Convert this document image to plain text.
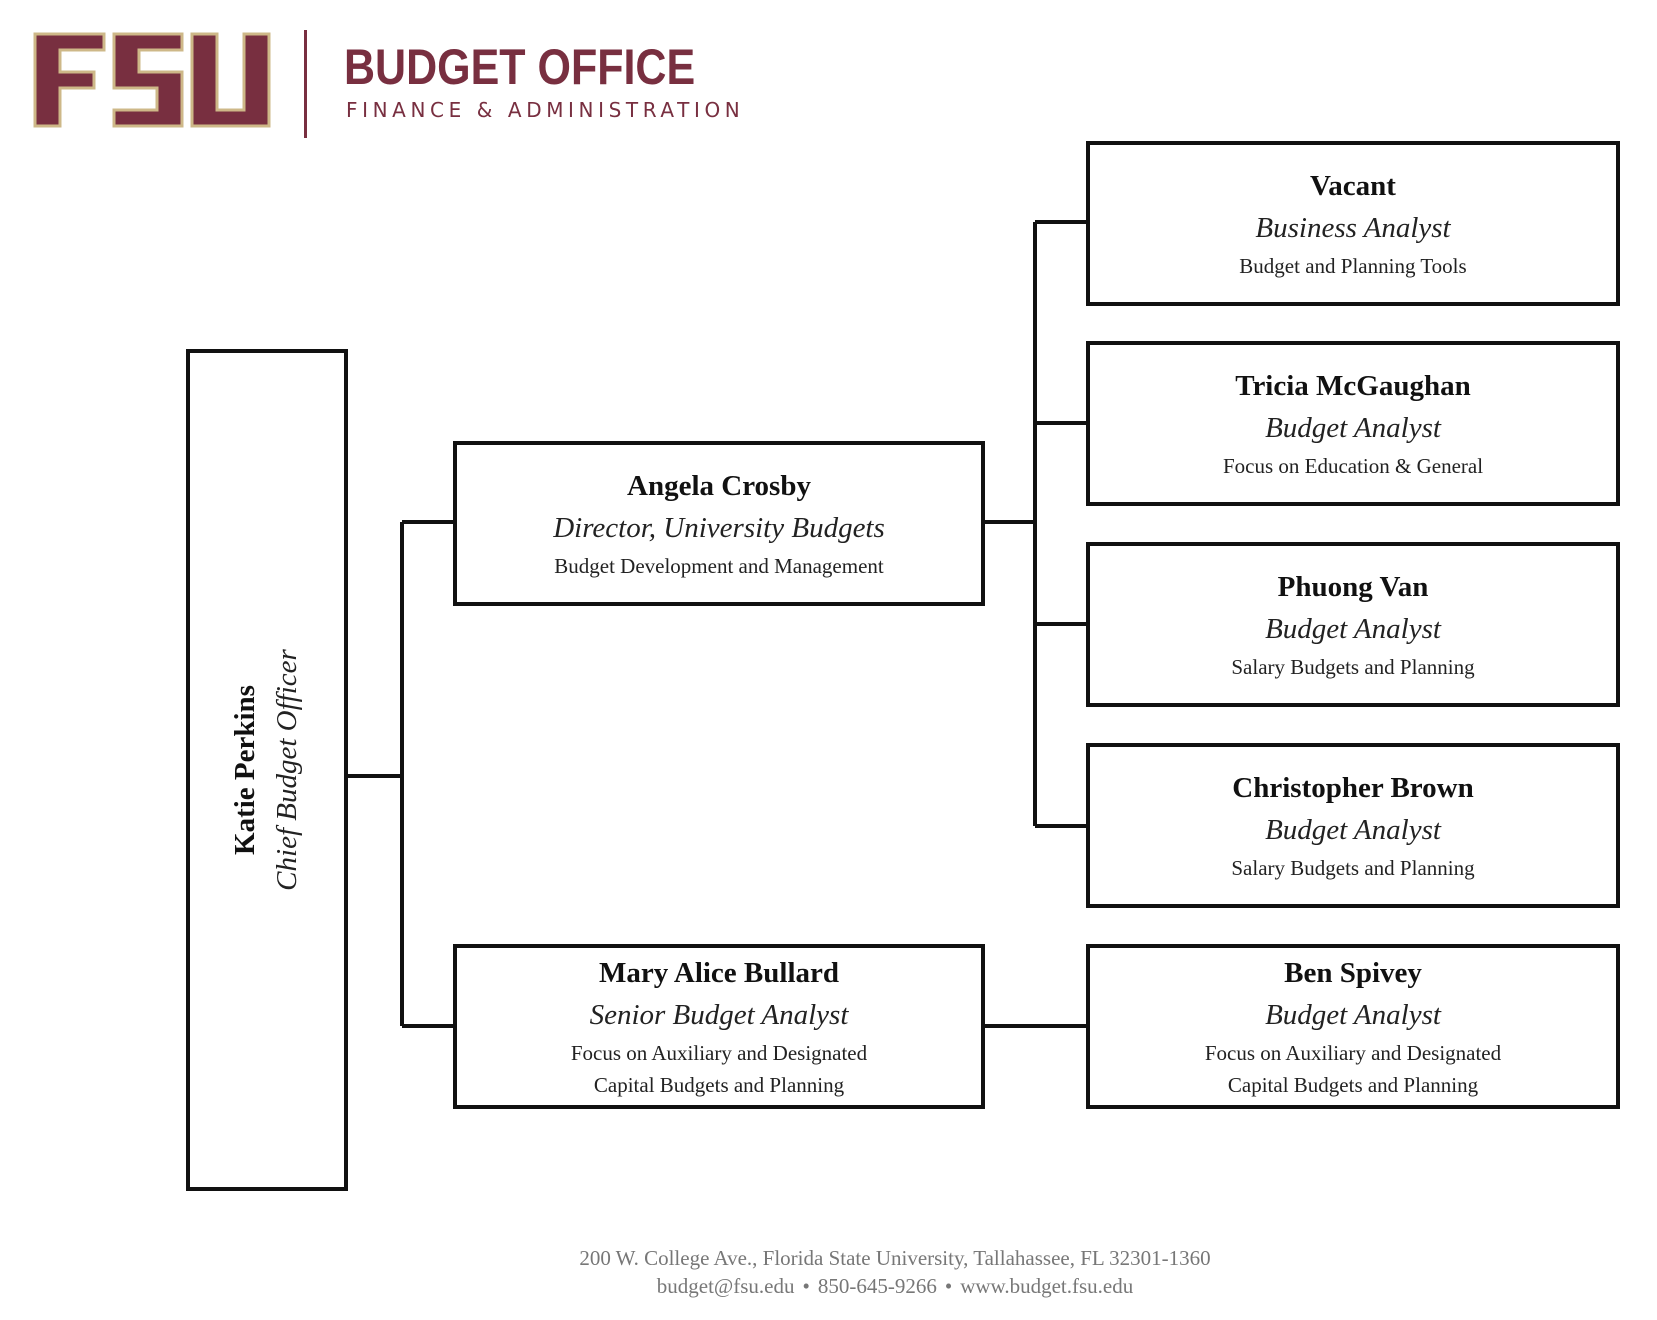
BUDGET OFFICE
FINANCE & ADMINISTRATION
Katie Perkins Chief Budget Officer
Angela Crosby
Director, University Budgets
Budget Development and Management
Mary Alice Bullard
Senior Budget Analyst
Focus on Auxiliary and Designated
Capital Budgets and Planning
Vacant
Business Analyst
Budget and Planning Tools
Tricia McGaughan
Budget Analyst
Focus on Education & General
Phuong Van
Budget Analyst
Salary Budgets and Planning
Christopher Brown
Budget Analyst
Salary Budgets and Planning
Ben Spivey
Budget Analyst
Focus on Auxiliary and Designated
Capital Budgets and Planning
200 W. College Ave., Florida State University, Tallahassee, FL 32301-1360
budget@fsu.edu • 850-645-9266 • www.budget.fsu.edu
